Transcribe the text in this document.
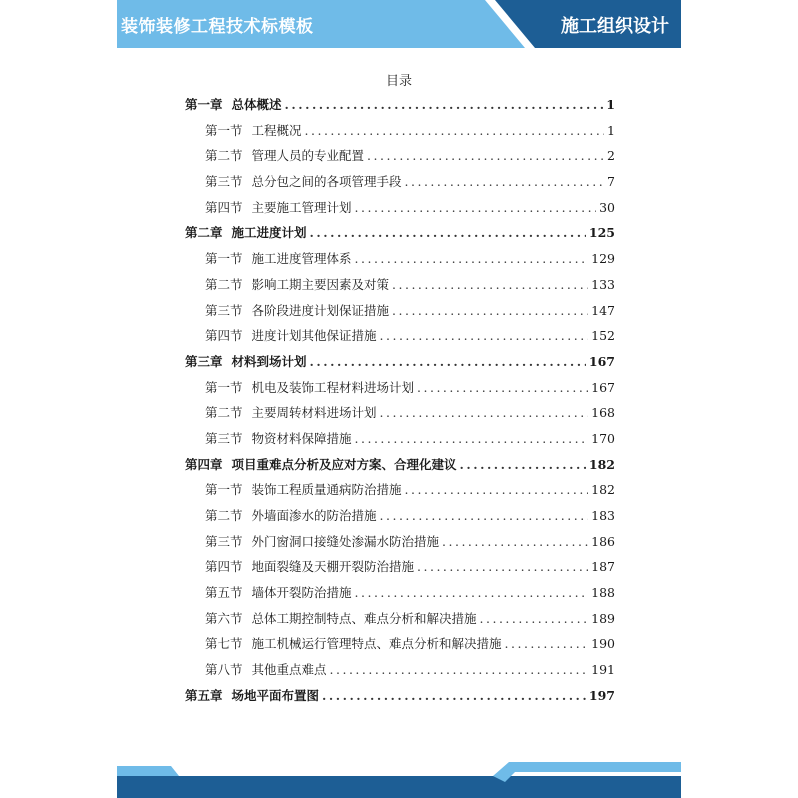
装饰装修工程技术标模板	施工组织设计
目录
第一章 总体概述 .....	1
第一节 工程概况 .....	1
第二节 管理人员的专业配置 .....	2
第三节 总分包之间的各项管理手段 .....	7
第四节 主要施工管理计划 .....	30
第二章 施工进度计划 .....	125
第一节 施工进度管理体系 .....	129
第二节 影响工期主要因素及对策 .....	133
第三节 各阶段进度计划保证措施 .....	147
第四节 进度计划其他保证措施 .....	152
第三章 材料到场计划 .....	167
第一节 机电及装饰工程材料进场计划 .....	167
第二节 主要周转材料进场计划 .....	168
第三节 物资材料保障措施 .....	170
第四章 项目重难点分析及应对方案、合理化建议 .....	182
第一节 装饰工程质量通病防治措施 .....	182
第二节 外墙面渗水的防治措施 .....	183
第三节 外门窗洞口接缝处渗漏水防治措施 .....	186
第四节 地面裂缝及天棚开裂防治措施 .....	187
第五节 墙体开裂防治措施 .....	188
第六节 总体工期控制特点、难点分析和解决措施 .....	189
第七节 施工机械运行管理特点、难点分析和解决措施 .....	190
第八节 其他重点难点 .....	191
第五章 场地平面布置图 .....	197
